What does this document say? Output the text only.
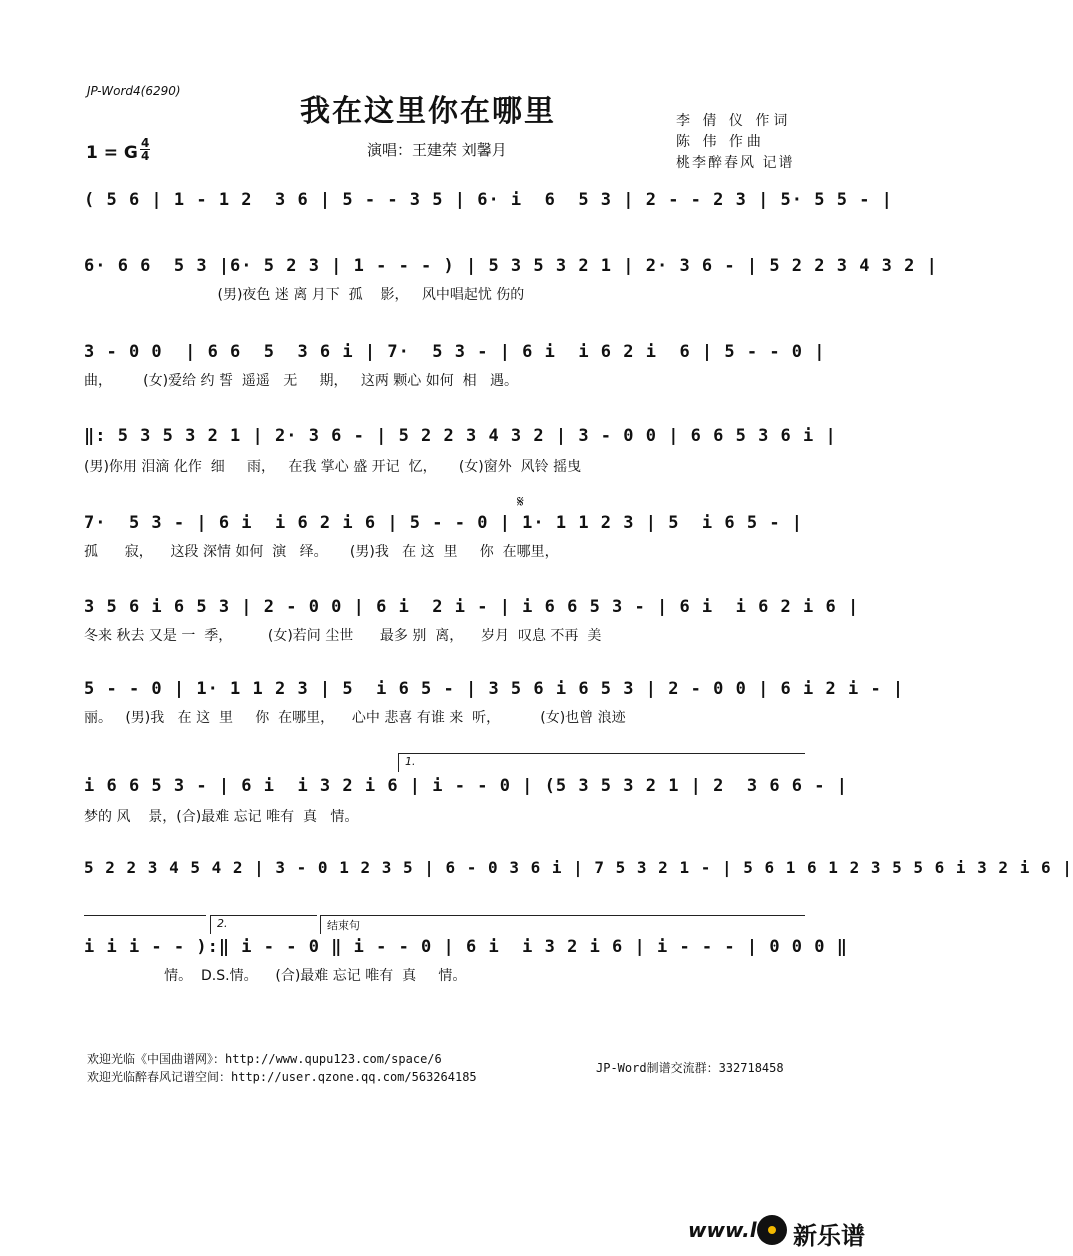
JP-Word4(6290)
我在这里你在哪里	李 倩 仪 作词
陈 伟 作曲
桃李醉春风 记谱
1 = G 4
4	演唱：王建荣 刘馨月
( 5 6 | 1 - 1 2  3 6 | 5 - - 3 5 | 6· i  6  5 3 | 2 - - 2 3 | 5· 5 5 - |
6· 6 6  5 3 |6· 5 2 3 | 1 - - - ) | 5 3 5 3 2 1 | 2· 3 6 - | 5 2 2 3 4 3 2 |
(男)夜色 迷 离 月下  孤    影，   风中唱起忧 伤的
3 - 0 0  | 6 6  5  3 6 i | 7·  5 3 - | 6 i  i 6 2 i  6 | 5 - - 0 |
曲，       (女)爱给 约 誓  遥遥   无     期，   这两 颗心 如何  相   遇。
‖: 5 3 5 3 2 1 | 2· 3 6 - | 5 2 2 3 4 3 2 | 3 - 0 0 | 6 6 5 3 6 i |
(男)你用 泪滴 化作  细     雨，   在我 掌心 盛 开记  忆，     (女)窗外  风铃 摇曳
𝄋
7·  5 3 - | 6 i  i 6 2 i 6 | 5 - - 0 | 1· 1 1 2 3 | 5  i 6 5 - |
孤      寂，    这段 深情 如何  演   绎。     (男)我   在 这  里     你  在哪里，
3 5 6 i 6 5 3 | 2 - 0 0 | 6 i  2 i - | i 6 6 5 3 - | 6 i  i 6 2 i 6 |
冬来 秋去 又是 一  季，        (女)若问 尘世      最多 别  离，    岁月  叹息 不再  美
5 - - 0 | 1· 1 1 2 3 | 5  i 6 5 - | 3 5 6 i 6 5 3 | 2 - 0 0 | 6 i 2 i - |
丽。   (男)我   在 这  里     你  在哪里，    心中 悲喜 有谁 来  听，         (女)也曾 浪迹
1.
i 6 6 5 3 - | 6 i  i 3 2 i 6 | i - - 0 | (5 3 5 3 2 1 | 2  3 6 6 - |
梦的 风    景，(合)最难 忘记 唯有  真   情。
5 2 2 3 4 5 4 2 | 3 - 0 1 2 3 5 | 6 - 0 3 6 i | 7 5 3 2 1 - | 5 6 1 6 1 2 3 5 5 6 i 3 2 i 6 |
2.	结束句
i i i - - ):‖ i - - 0 ‖ i - - 0 | 6 i  i 3 2 i 6 | i - - - | 0 0 0 ‖
情。  D.S.情。    (合)最难 忘记 唯有  真     情。
欢迎光临《中国曲谱网》：http://www.qupu123.com/space/6
欢迎光临醉春风记谱空间：http://user.qzone.qq.com/563264185
JP-Word制谱交流群：332718458
www.l 新乐谱
